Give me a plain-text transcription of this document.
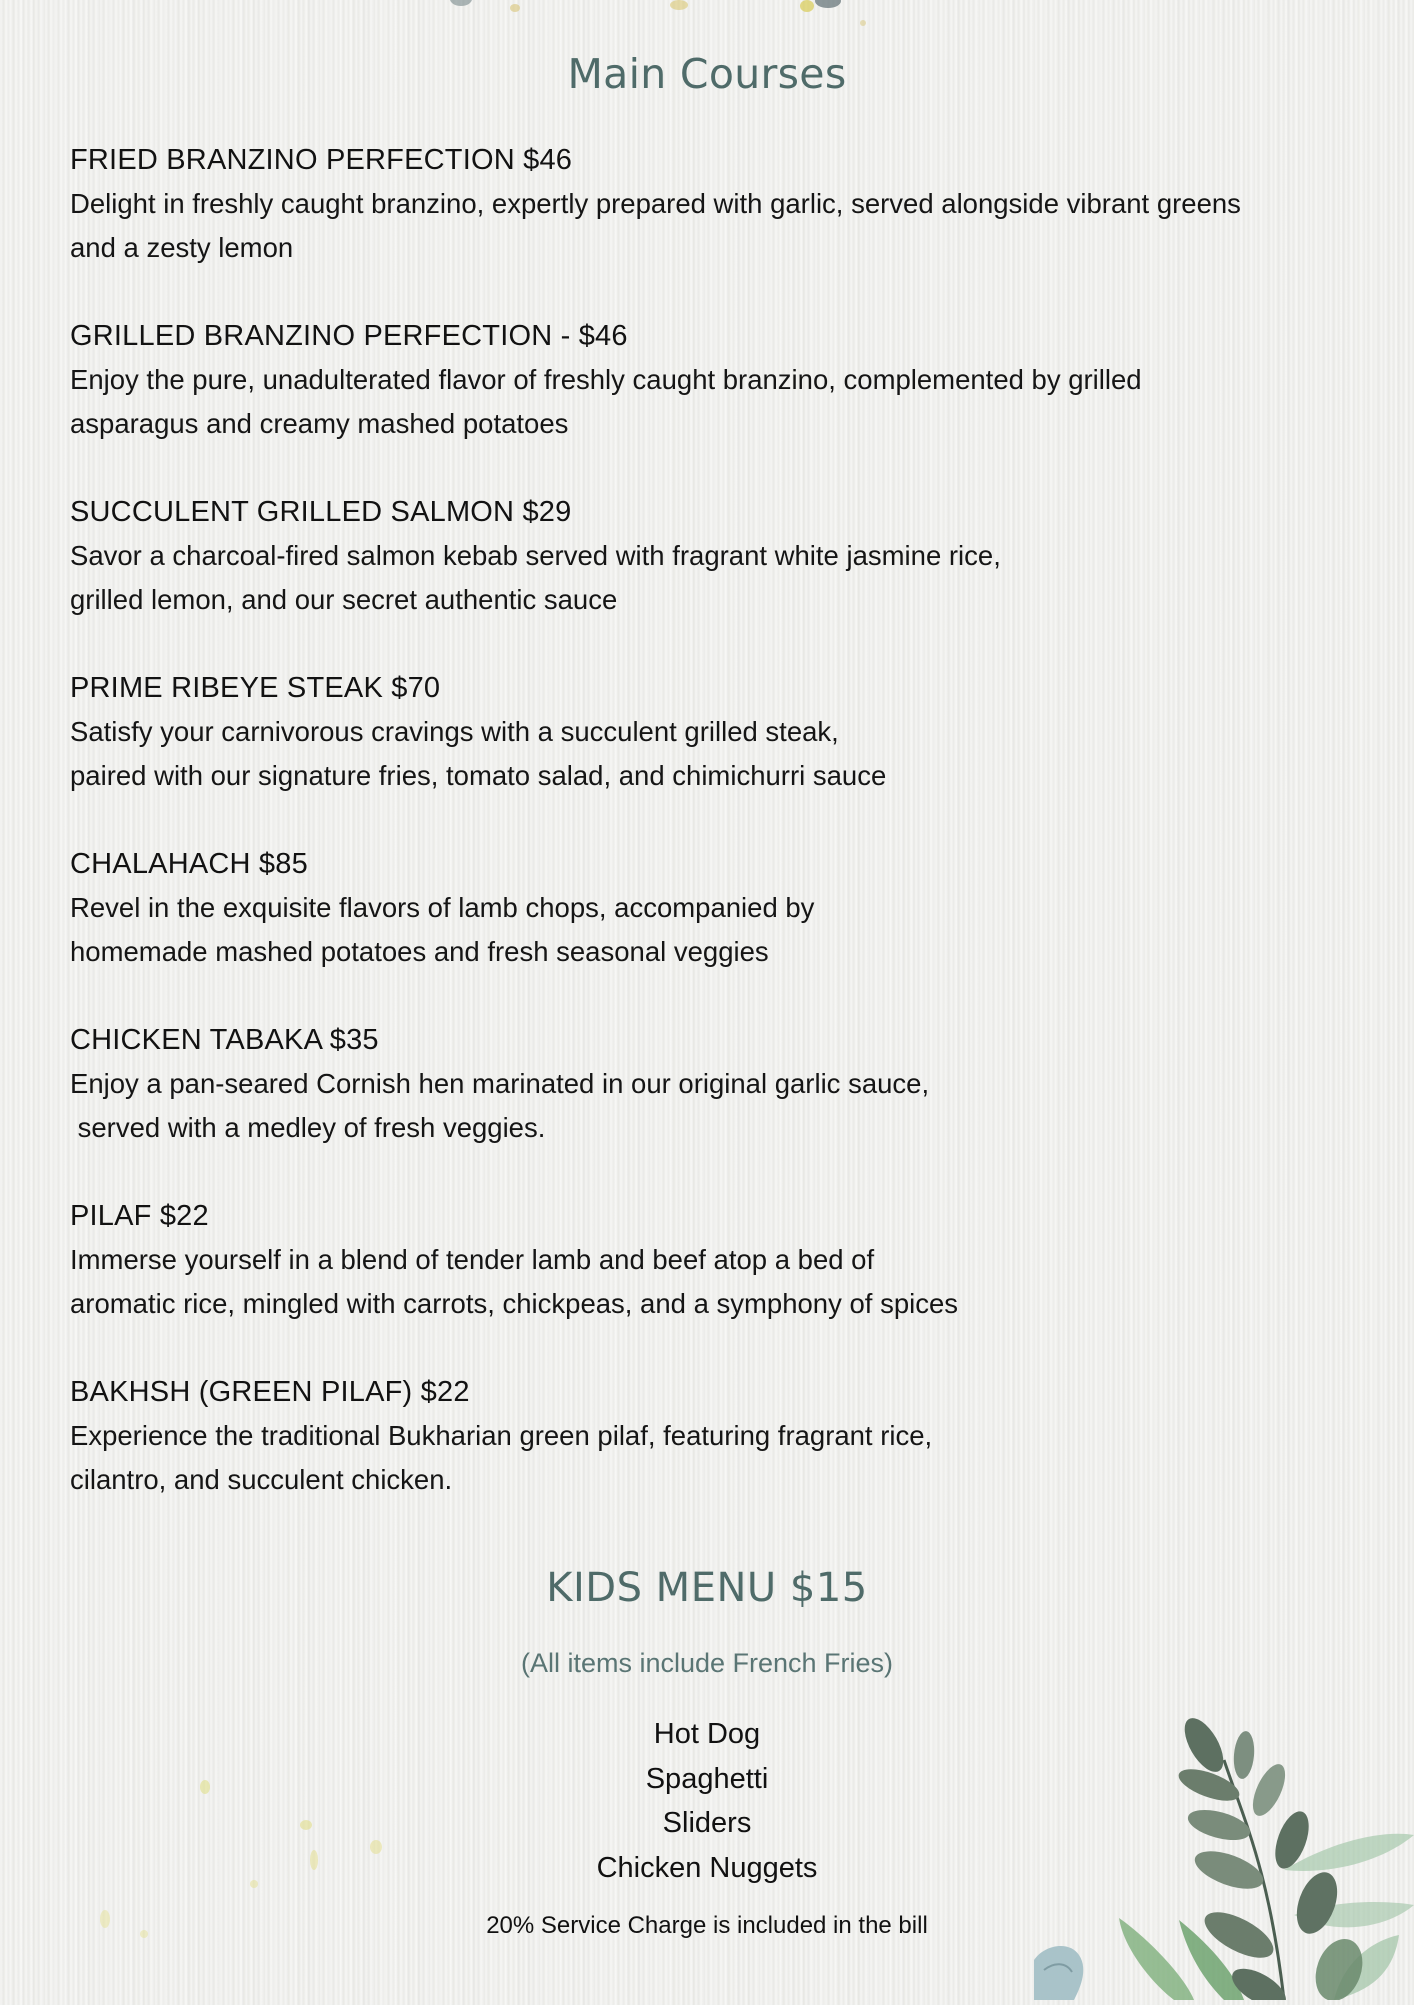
Main Courses
FRIED BRANZINO PERFECTION $46
Delight in freshly caught branzino, expertly prepared with garlic, served alongside vibrant greens
and a zesty lemon
GRILLED BRANZINO PERFECTION - $46
Enjoy the pure, unadulterated flavor of freshly caught branzino, complemented by grilled
asparagus and creamy mashed potatoes
SUCCULENT GRILLED SALMON $29
Savor a charcoal-fired salmon kebab served with fragrant white jasmine rice,
grilled lemon, and our secret authentic sauce
PRIME RIBEYE STEAK $70
Satisfy your carnivorous cravings with a succulent grilled steak,
paired with our signature fries, tomato salad, and chimichurri sauce
CHALAHACH $85
Revel in the exquisite flavors of lamb chops, accompanied by
homemade mashed potatoes and fresh seasonal veggies
CHICKEN TABAKA $35
Enjoy a pan-seared Cornish hen marinated in our original garlic sauce,
served with a medley of fresh veggies.
PILAF $22
Immerse yourself in a blend of tender lamb and beef atop a bed of
aromatic rice, mingled with carrots, chickpeas, and a symphony of spices
BAKHSH (GREEN PILAF) $22
Experience the traditional Bukharian green pilaf, featuring fragrant rice,
cilantro, and succulent chicken.
KIDS MENU $15
(All items include French Fries)
Hot Dog
Spaghetti
Sliders
Chicken Nuggets
20% Service Charge is included in the bill
